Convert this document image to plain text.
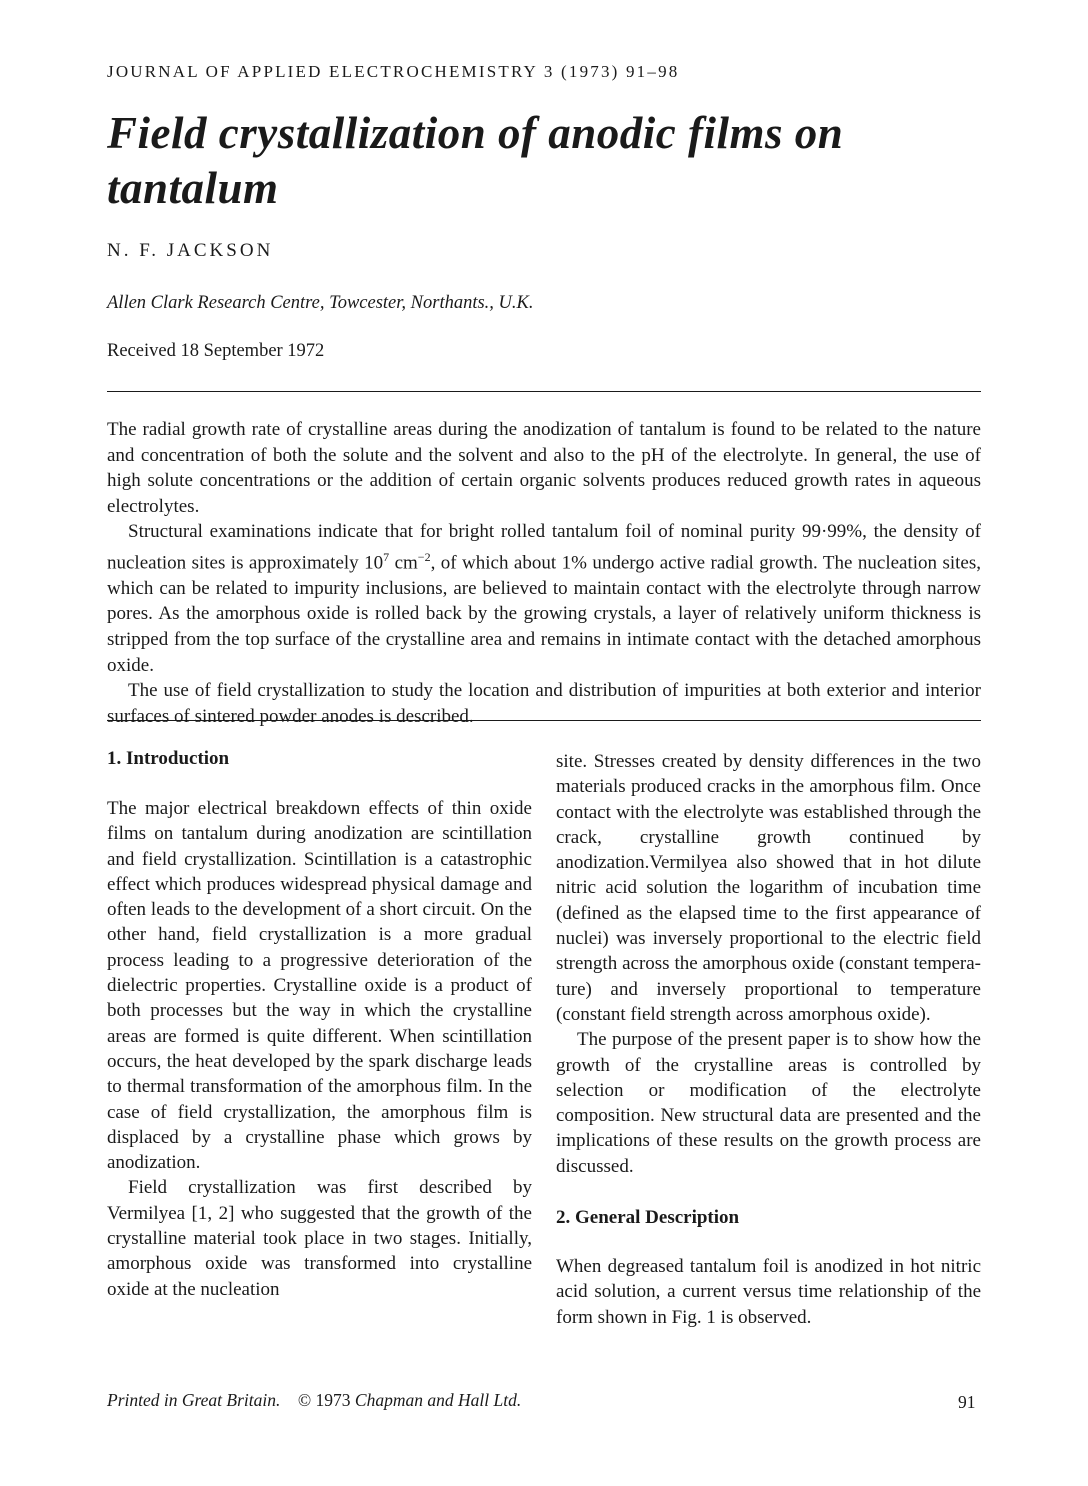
JOURNAL OF APPLIED ELECTROCHEMISTRY 3 (1973) 91–98
Field crystallization of anodic films on tantalum
N. F. JACKSON
Allen Clark Research Centre, Towcester, Northants., U.K.
Received 18 September 1972

The radial growth rate of crystalline areas during the anodization of tantalum is found to be related to the nature and concentration of both the solute and the solvent and also to the pH of the electrolyte. In general, the use of high solute concentrations or the addition of certain organic solvents produces reduced growth rates in aqueous electrolytes.

Structural examinations indicate that for bright rolled tantalum foil of nominal purity 99·99%, the density of nucleation sites is approximately $10^7$ $cm^{-2}$, of which about 1% undergo active radial growth. The nucleation sites, which can be related to impurity inclusions, are believed to maintain contact with the electrolyte through narrow pores. As the amorphous oxide is rolled back by the growing crystals, a layer of relatively uniform thickness is stripped from the top surface of the crystalline area and remains in intimate contact with the detached amorphous oxide.

The use of field crystallization to study the location and distribution of impurities at both exterior and interior surfaces of sintered powder anodes is described.

1. Introduction

The major electrical breakdown effects of thin oxide films on tantalum during anodization are scintillation and field crystallization. Scintillation is a catastrophic effect which produces widespread physical damage and often leads to the development of a short circuit. On the other hand, field crystallization is a more gradual process leading to a progressive deterioration of the dielectric properties. Crystalline oxide is a product of both processes but the way in which the crystalline areas are formed is quite different. When scintillation occurs, the heat developed by the spark discharge leads to thermal transformation of the amorphous film. In the case of field crystallization, the amorphous film is displaced by a crystalline phase which grows by anodization.

Field crystallization was first described by Vermilyea [1, 2] who suggested that the growth of the crystalline material took place in two stages. Initially, amorphous oxide was transformed into crystalline oxide at the nucleation

site. Stresses created by density differences in the two materials produced cracks in the amorphous film. Once contact with the electrolyte was established through the crack, crystalline growth continued by anodization.Vermilyea also showed that in hot dilute nitric acid solution the logarithm of incubation time (defined as the elapsed time to the first appearance of nuclei) was inversely proportional to the electric field strength across the amorphous oxide (constant temperature) and inversely proportional to temperature (constant field strength across amorphous oxide).

The purpose of the present paper is to show how the growth of the crystalline areas is controlled by selection or modification of the electrolyte composition. New structural data are presented and the implications of these results on the growth process are discussed.

2. General Description

When degreased tantalum foil is anodized in hot nitric acid solution, a current versus time relationship of the form shown in Fig. 1 is observed.

Printed in Great Britain. © 1973 Chapman and Hall Ltd.	91
